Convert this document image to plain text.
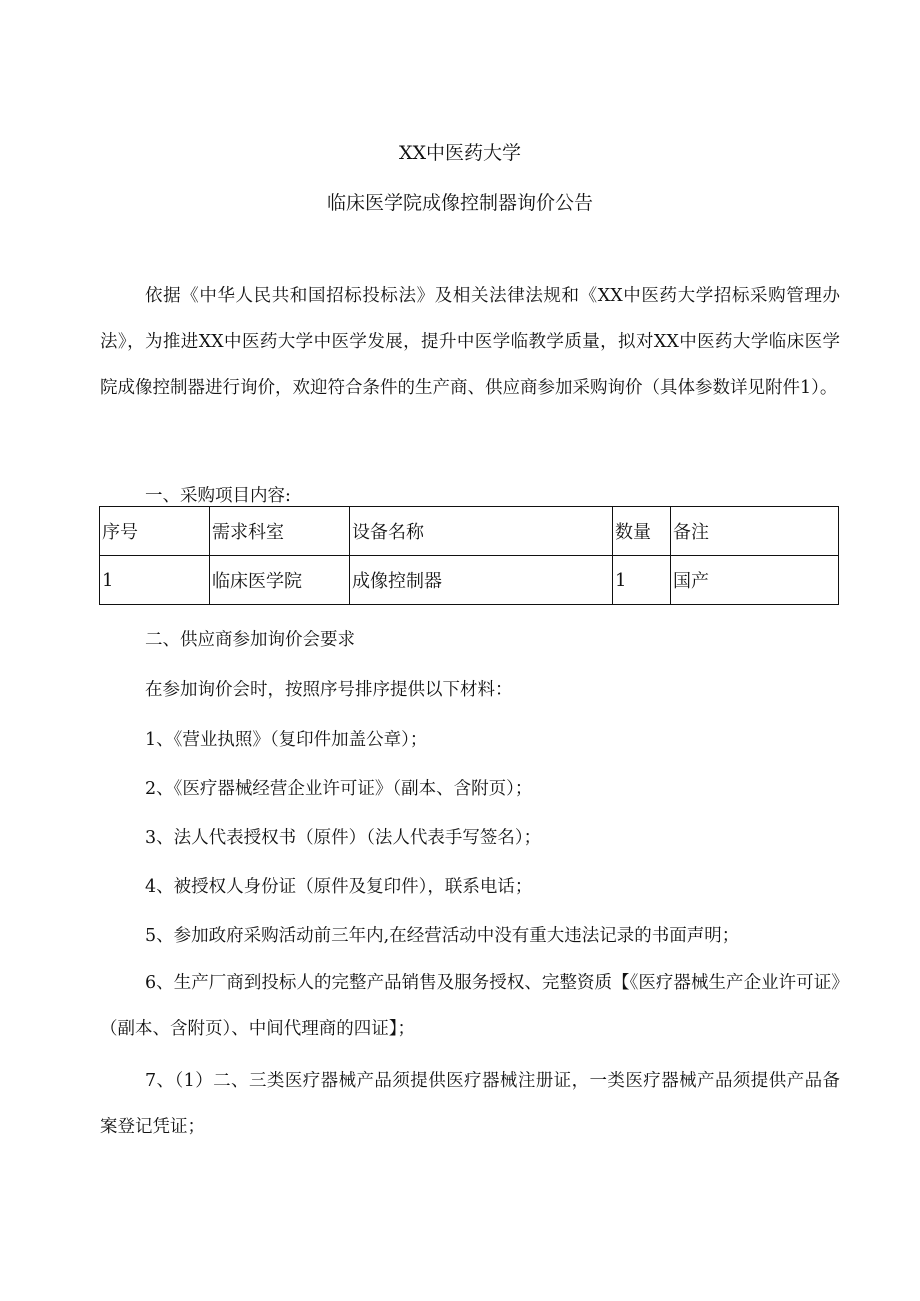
XX中医药大学
临床医学院成像控制器询价公告
依据《中华人民共和国招标投标法》及相关法律法规和《XX中医药大学招标采购管理办法》，为推进XX中医药大学中医学发展，提升中医学临教学质量，拟对XX中医药大学临床医学院成像控制器进行询价，欢迎符合条件的生产商、供应商参加采购询价（具体参数详见附件1）。
一、采购项目内容:
序号	需求科室	设备名称	数量	备注
1	临床医学院	成像控制器	1	国产
二、供应商参加询价会要求
在参加询价会时，按照序号排序提供以下材料：
1、《营业执照》（复印件加盖公章）；
2、《医疗器械经营企业许可证》（副本、含附页）；
3、法人代表授权书（原件）（法人代表手写签名）；
4、被授权人身份证（原件及复印件），联系电话；
5、参加政府采购活动前三年内,在经营活动中没有重大违法记录的书面声明；
6、生产厂商到投标人的完整产品销售及服务授权、完整资质【《医疗器械生产企业许可证》（副本、含附页）、中间代理商的四证】；
7、（1）二、三类医疗器械产品须提供医疗器械注册证，一类医疗器械产品须提供产品备案登记凭证；
